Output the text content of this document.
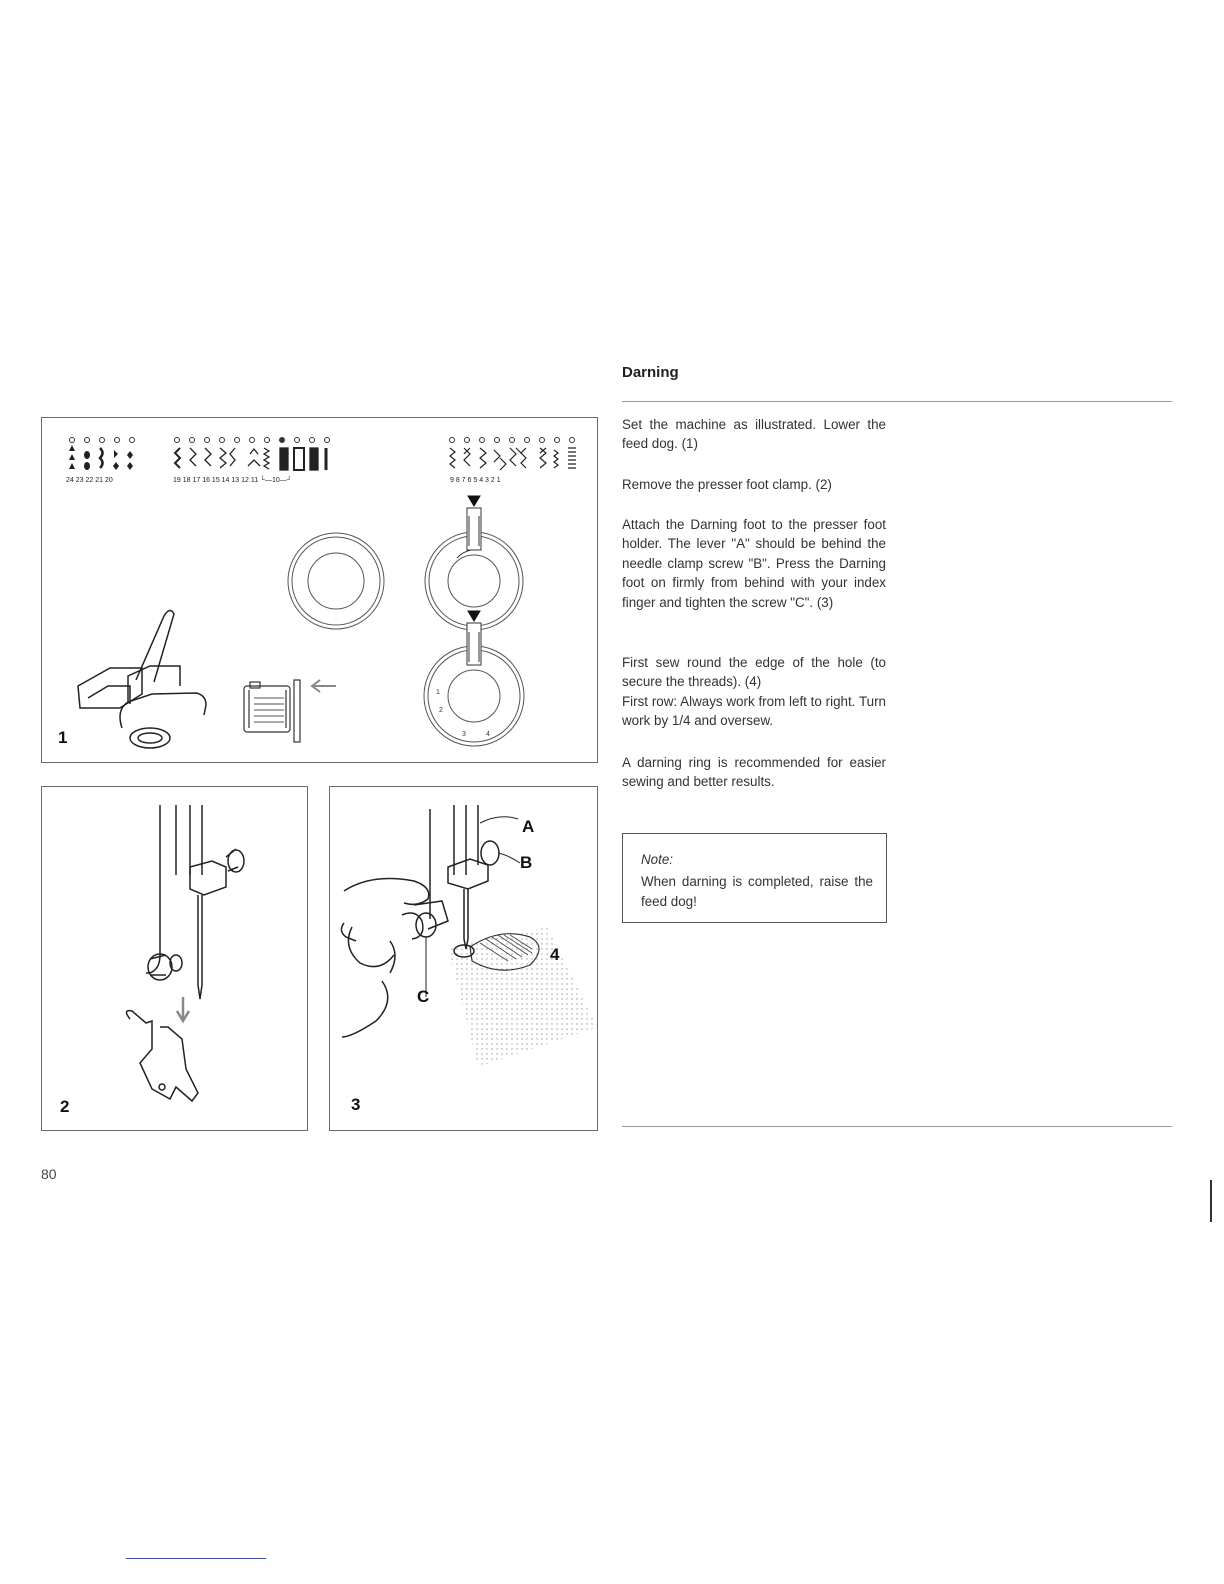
Darning
Set the machine as illustrated. Lower the feed dog. (1)
Remove the presser foot clamp. (2)
Attach the Darning foot to the presser foot holder. The lever "A" should be behind the needle clamp screw "B". Press the Darning foot on firmly from behind with your index finger and tighten the screw "C". (3)
First sew round the edge of the hole (to secure the threads). (4)
First row: Always work from left to right. Turn work by 1/4 and oversew.
A darning ring is recommended for easier sewing and better results.
Note:
When darning is completed, raise the feed dog!
24 23 22 21 20	19 18 17 16 15 14 13 12 11 └—10—┘	9 8 7 6 5 4 3 2 1
1
2
3	4
1
2
A
B
C
4
3
80
